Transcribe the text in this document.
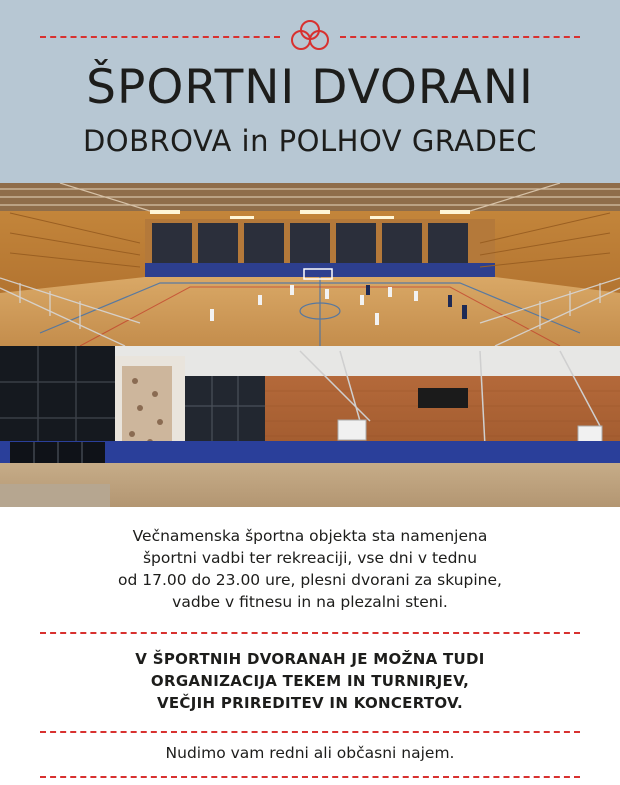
ŠPORTNI DVORANI
DOBROVA in POLHOV GRADEC
Večnamenska športna objekta sta namenjena
športni vadbi ter rekreaciji, vse dni v tednu
od 17.00 do 23.00 ure, plesni dvorani za skupine,
vadbe v fitnesu in na plezalni steni.
V ŠPORTNIH DVORANAH JE MOŽNA TUDI
ORGANIZACIJA TEKEM IN TURNIRJEV,
VEČJIH PRIREDITEV IN KONCERTOV.
Nudimo vam redni ali občasni najem.
